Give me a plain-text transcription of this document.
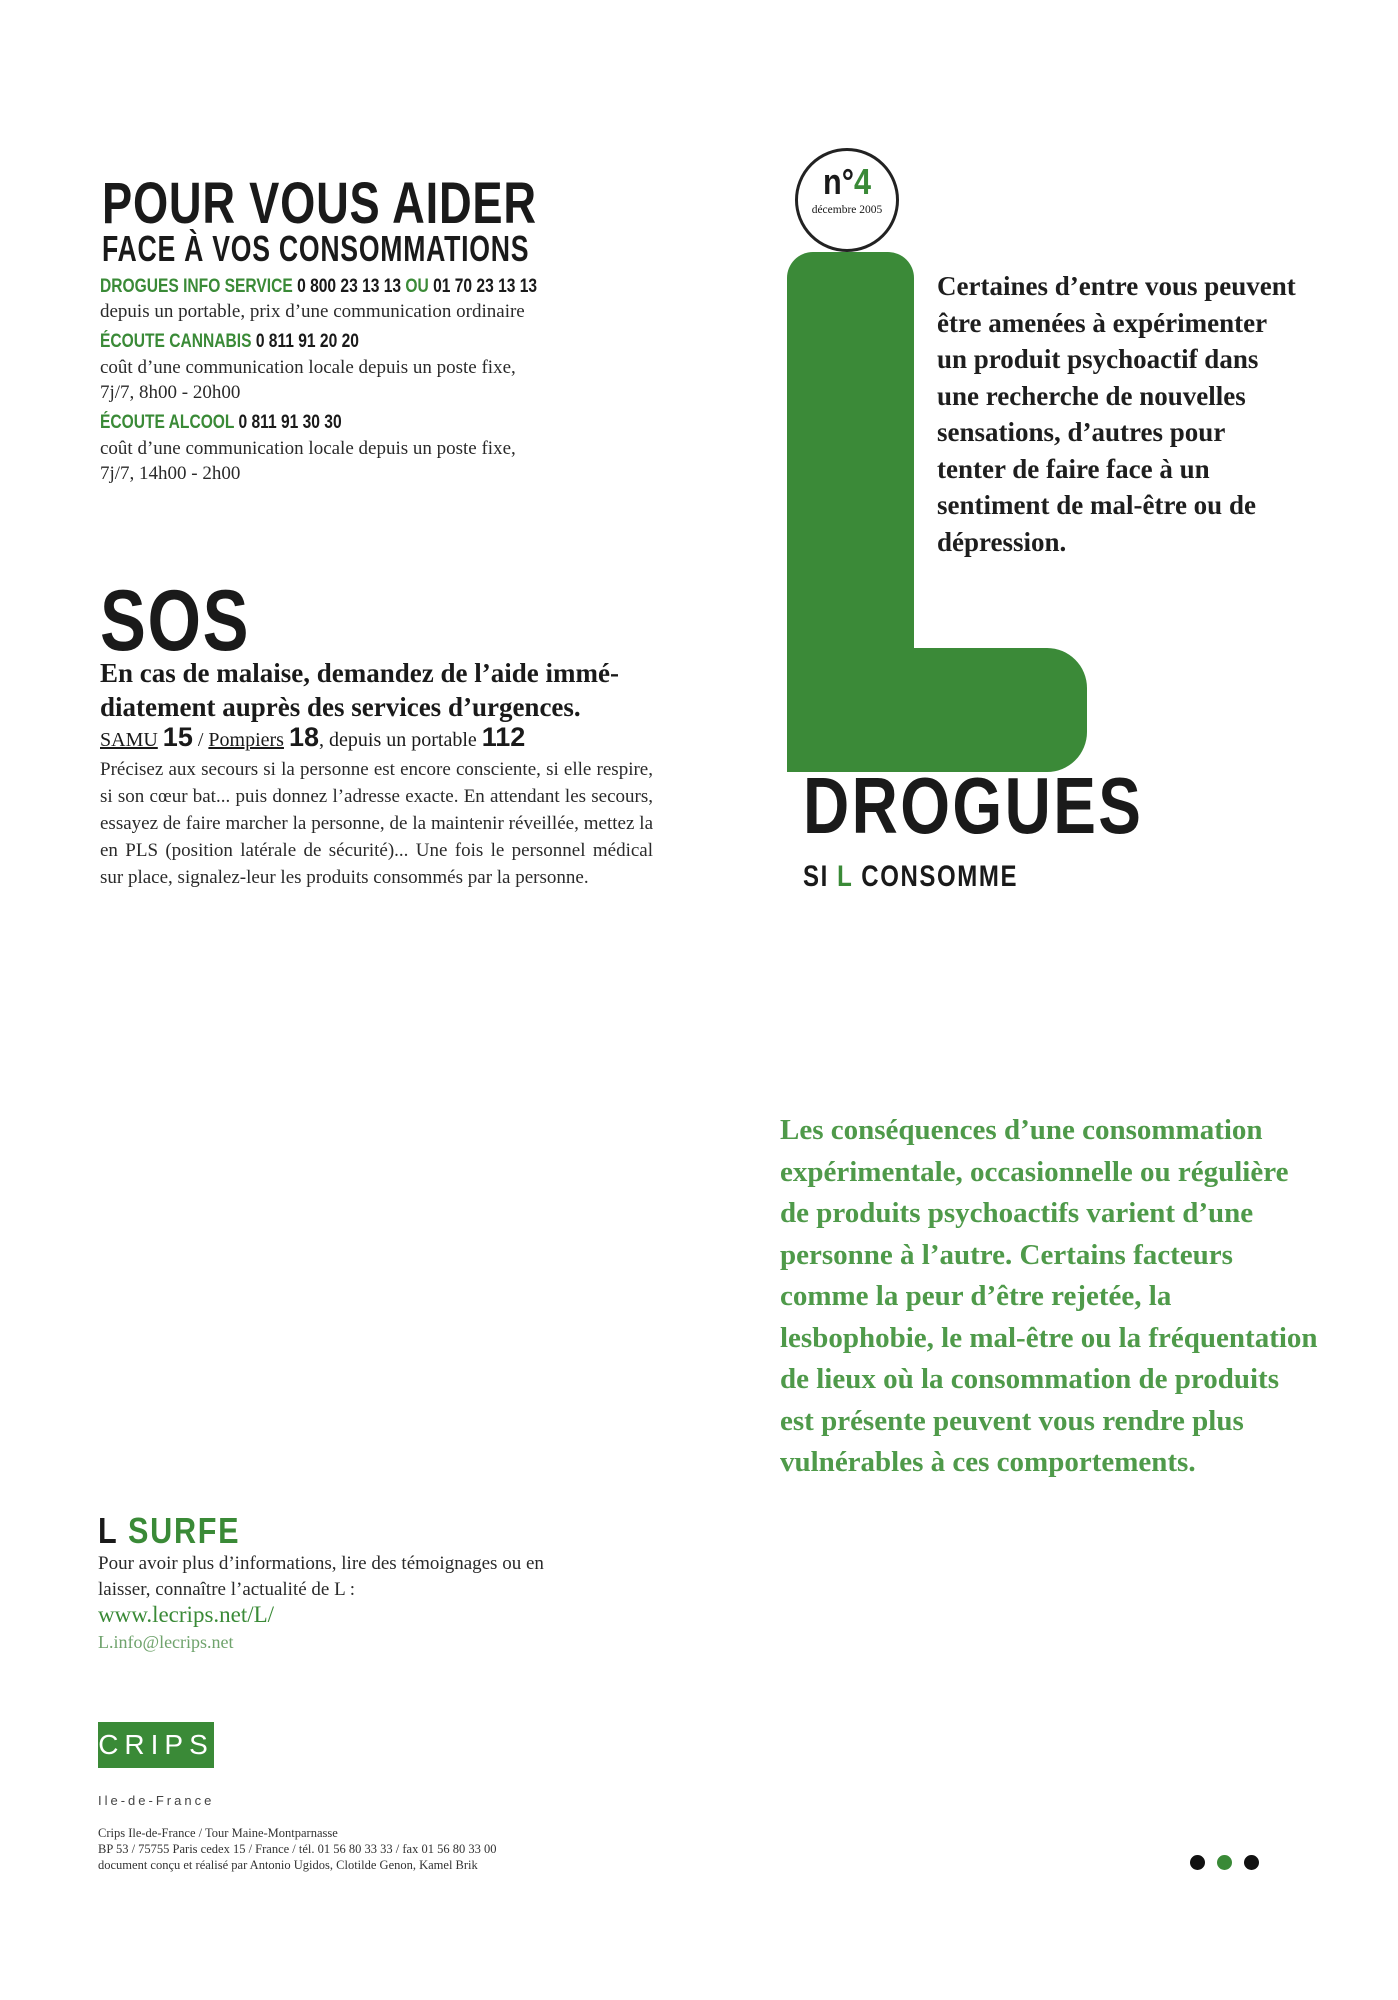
POUR VOUS AIDER
FACE À VOS CONSOMMATIONS
DROGUES INFO SERVICE 0 800 23 13 13 OU 01 70 23 13 13
depuis un portable, prix d’une communication ordinaire
ÉCOUTE CANNABIS 0 811 91 20 20
coût d’une communication locale depuis un poste fixe,
7j/7, 8h00 - 20h00
ÉCOUTE ALCOOL 0 811 91 30 30
coût d’une communication locale depuis un poste fixe,
7j/7, 14h00 - 2h00
SOS
En cas de malaise, demandez de l’aide immé-diatement auprès des services d’urgences.
SAMU 15 / Pompiers 18, depuis un portable 112
Précisez aux secours si la personne est encore consciente, si elle respire, si son cœur bat... puis donnez l’adresse exacte. En attendant les secours, essayez de faire marcher la personne, de la maintenir réveillée, mettez la en PLS (position latérale de sécurité)... Une fois le personnel médical sur place, signalez-leur les produits consommés par la personne.
L SURFE
Pour avoir plus d’informations, lire des témoignages ou en laisser, connaître l’actualité de L :
www.lecrips.net/L/
L.info@lecrips.net
CRIPS
Ile-de-France
Crips Ile-de-France / Tour Maine-Montparnasse
BP 53 / 75755 Paris cedex 15 / France / tél. 01 56 80 33 33 / fax 01 56 80 33 00
document conçu et réalisé par Antonio Ugidos, Clotilde Genon, Kamel Brik
n°4
décembre 2005
Certaines d’entre vous peuvent être amenées à expérimenter un produit psychoactif dans une recherche de nouvelles sensations, d’autres pour tenter de faire face à un sentiment de mal-être ou de dépression.
DROGUES
SI L CONSOMME
Les conséquences d’une consommation expérimentale, occasionnelle ou régulière de produits psychoactifs varient d’une personne à l’autre. Certains facteurs comme la peur d’être rejetée, la lesbophobie, le mal-être ou la fréquentation de lieux où la consommation de produits est présente peuvent vous rendre plus vulnérables à ces comportements.
